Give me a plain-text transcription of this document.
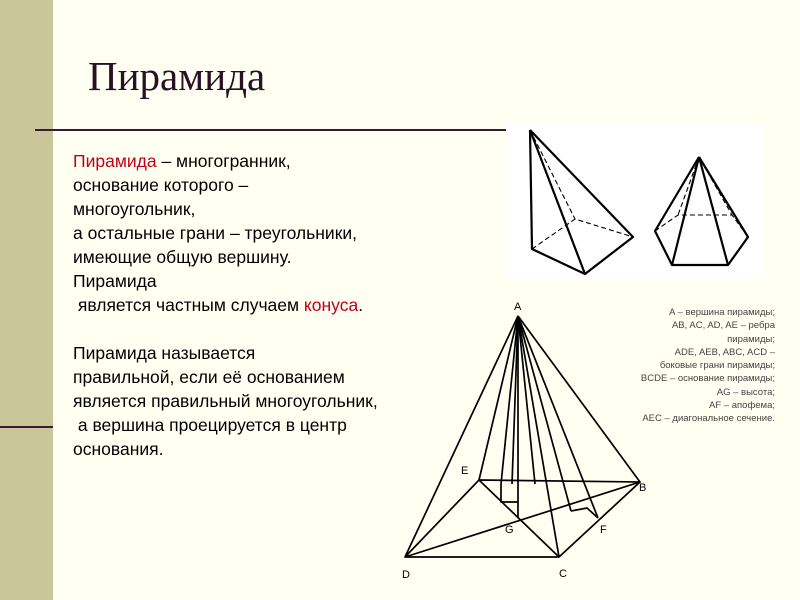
Пирамида

Пирамида – многогранник,

основание которого –

многоугольник,

а остальные грани – треугольники,

имеющие общую вершину.

Пирамида

является частным случаем конуса.

Пирамида называется

правильной, если её основанием

является правильный многоугольник,

а вершина проецируется в центр

основания.

A
E
B
G	F
D	C
A – вершина пирамиды;
AB, AC, AD, AE – ребра
пирамиды;
ADE, AEB, ABC, ACD –
боковые грани пирамиды;
BCDE – основание пирамиды;
AG – высота;
AF – апофема;
AEC – диагональное сечение.
